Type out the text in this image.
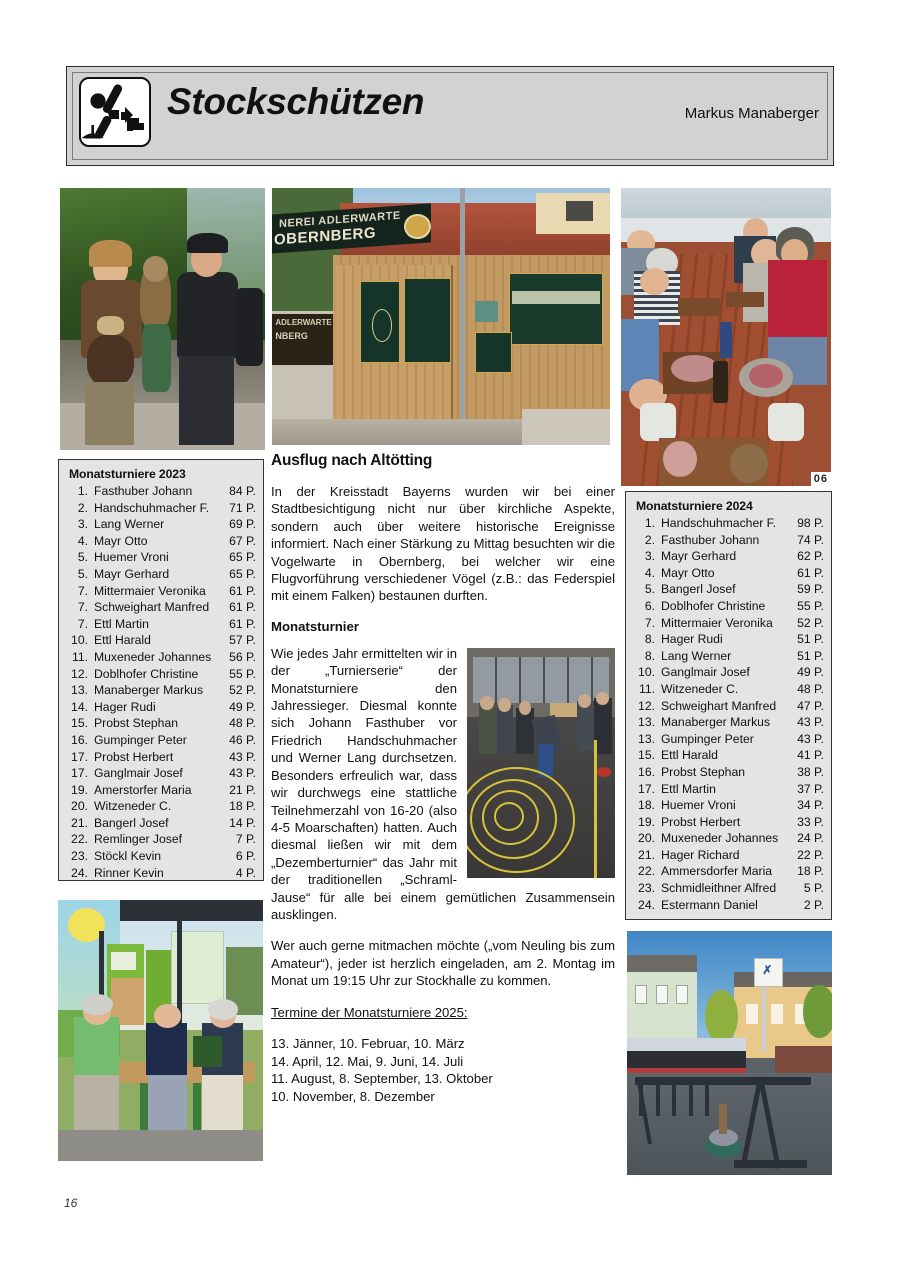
Stockschützen	Markus Manaberger
NEREI ADLERWARTE
OBERNBERG
ADLERWARTE
NBERG
06
Monatsturniere 2023
1. Fasthuber Johann	84 P.
2. Handschuhmacher F.	71 P.
3. Lang Werner	69 P.
4. Mayr Otto	67 P.
5. Huemer Vroni	65 P.
5. Mayr Gerhard	65 P.
7. Mittermaier Veronika	61 P.
7. Schweighart Manfred	61 P.
7. Ettl Martin	61 P.
10. Ettl Harald	57 P.
11. Muxeneder Johannes	56 P.
12. Doblhofer Christine	55 P.
13. Manaberger Markus	52 P.
14. Hager Rudi	49 P.
15. Probst Stephan	48 P.
16. Gumpinger Peter	46 P.
17. Probst Herbert	43 P.
17. Ganglmair Josef	43 P.
19. Amerstorfer Maria	21 P.
20. Witzeneder C.	18 P.
21. Bangerl Josef	14 P.
22. Remlinger Josef	7 P.
23. Stöckl Kevin	6 P.
24. Rinner Kevin	4 P.
Monatsturniere 2024
1. Handschuhmacher F.	98 P.
2. Fasthuber Johann	74 P.
3. Mayr Gerhard	62 P.
4. Mayr Otto	61 P.
5. Bangerl Josef	59 P.
6. Doblhofer Christine	55 P.
7. Mittermaier Veronika	52 P.
8. Hager Rudi	51 P.
8. Lang Werner	51 P.
10. Ganglmair Josef	49 P.
11. Witzeneder C.	48 P.
12. Schweighart Manfred	47 P.
13. Manaberger Markus	43 P.
13. Gumpinger Peter	43 P.
15. Ettl Harald	41 P.
16. Probst Stephan	38 P.
17. Ettl Martin	37 P.
18. Huemer Vroni	34 P.
19. Probst Herbert	33 P.
20. Muxeneder Johannes	24 P.
21. Hager Richard	22 P.
22. Ammersdorfer Maria	18 P.
23. Schmidleithner Alfred	5 P.
24. Estermann Daniel	2 P.
Ausflug nach Altötting

In der Kreisstadt Bayerns wurden wir bei einer Stadtbesichtigung nicht nur über kirchliche Aspekte, sondern auch über weitere historische Ereignisse informiert. Nach einer Stärkung zu Mittag besuchten wir die Vogelwarte in Obernberg, bei welcher wir eine Flugvorführung verschiedener Vögel (z.B.: das Federspiel mit einem Falken) bestaunen durften.

Monatsturnier

Wie jedes Jahr ermittelten wir in der „Turnierserie“ der Monatsturniere den Jahressieger. Diesmal konnte sich Johann Fasthuber vor Friedrich Handschuhmacher und Werner Lang durchsetzen. Besonders erfreulich war, dass wir durchwegs eine stattliche Teilnehmerzahl von 16-20 (also 4-5 Moarschaften) hatten. Auch diesmal ließen wir mit dem „Dezemberturnier“ das Jahr mit der traditionellen „Schraml-Jause“ für alle bei einem gemütlichen Zusammensein ausklingen.

Wer auch gerne mitmachen möchte („vom Neuling bis zum Amateur“), jeder ist herzlich eingeladen, am 2. Montag im Monat um 19:15 Uhr zur Stockhalle zu kommen.

Termine der Monatsturniere 2025:
13. Jänner, 10. Februar, 10. März
14. April, 12. Mai, 9. Juni, 14. Juli
11. August, 8. September, 13. Oktober
10. November, 8. Dezember
✗
16
